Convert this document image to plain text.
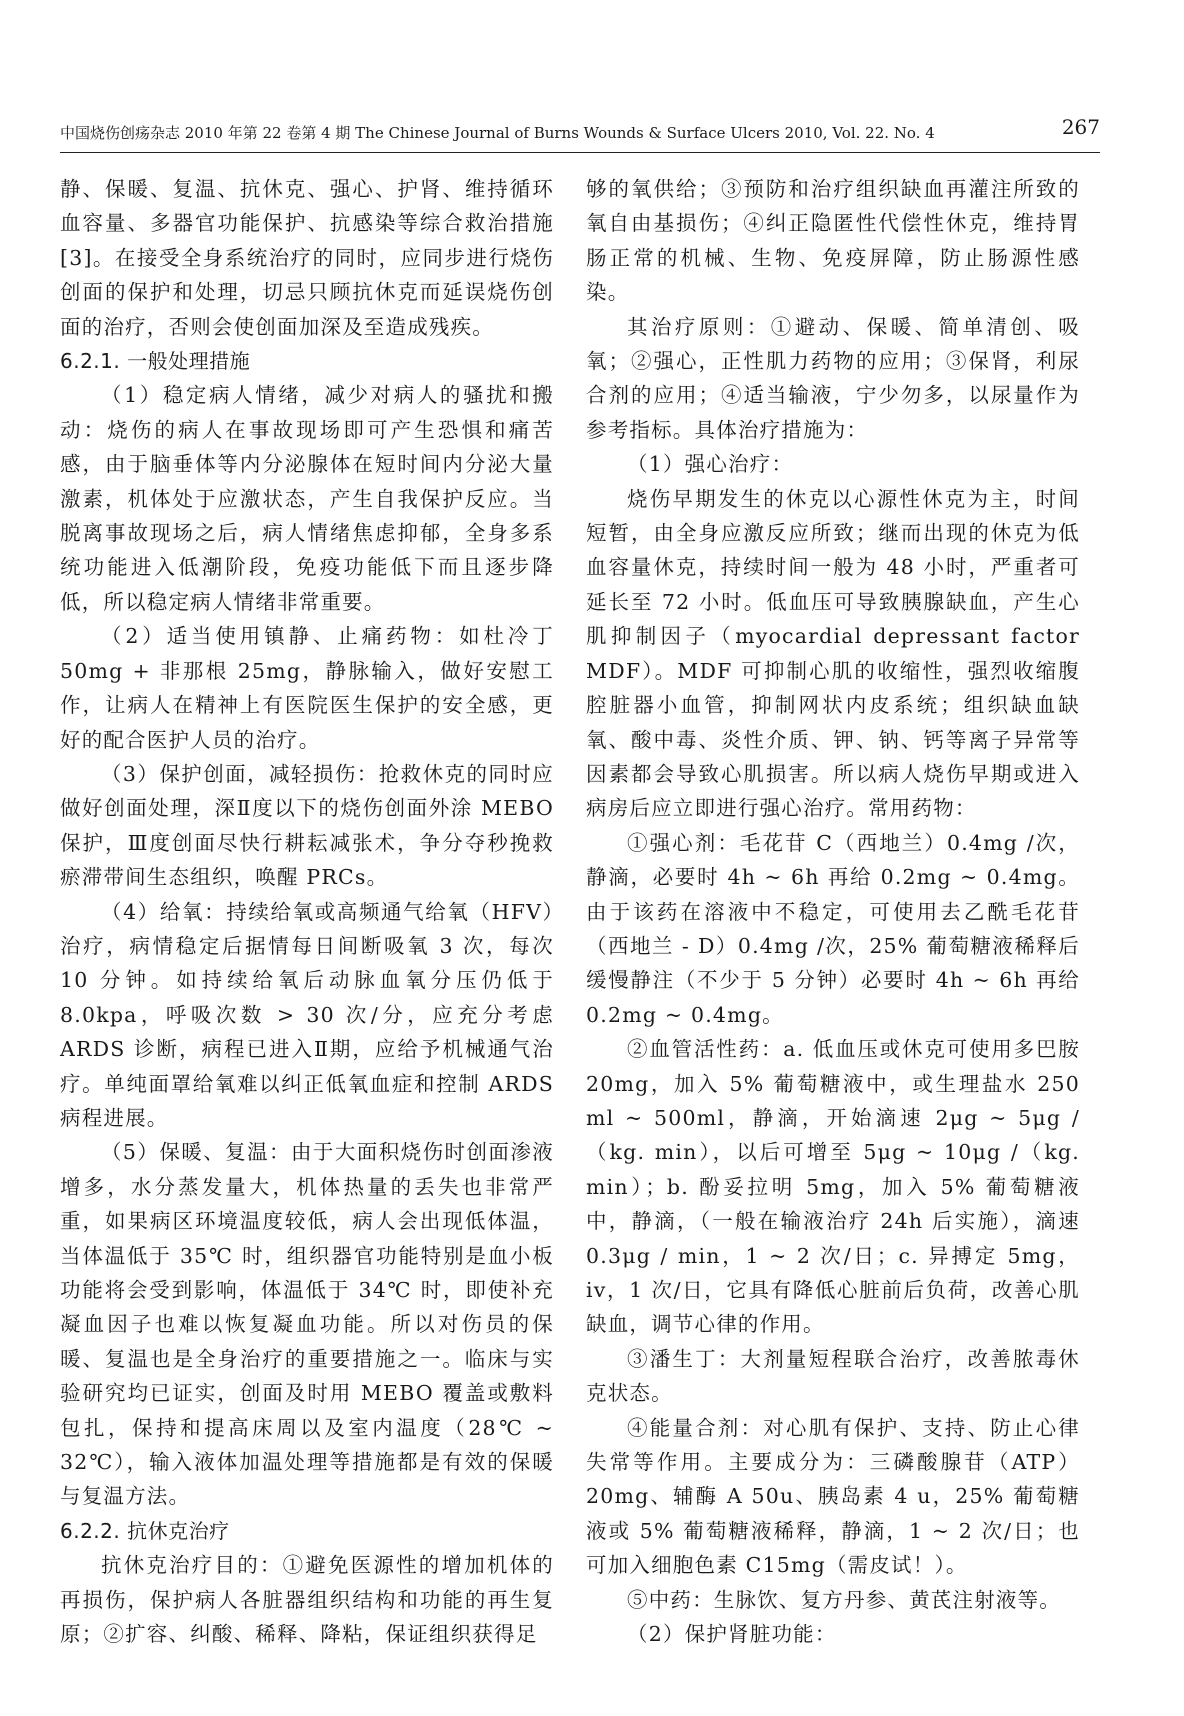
中国烧伤创疡杂志 2010 年第 22 卷第 4 期 The Chinese Journal of Burns Wounds & Surface Ulcers 2010, Vol. 22. No. 4	267

静、保暖、复温、抗休克、强心、护肾、维持循环血容量、多器官功能保护、抗感染等综合救治措施[3]。在接受全身系统治疗的同时，应同步进行烧伤创面的保护和处理，切忌只顾抗休克而延误烧伤创面的治疗，否则会使创面加深及至造成残疾。

6.2.1. 一般处理措施

（1）稳定病人情绪，减少对病人的骚扰和搬动：烧伤的病人在事故现场即可产生恐惧和痛苦感，由于脑垂体等内分泌腺体在短时间内分泌大量激素，机体处于应激状态，产生自我保护反应。当脱离事故现场之后，病人情绪焦虑抑郁，全身多系统功能进入低潮阶段，免疫功能低下而且逐步降低，所以稳定病人情绪非常重要。

（2）适当使用镇静、止痛药物：如杜冷丁 50mg + 非那根 25mg，静脉输入，做好安慰工作，让病人在精神上有医院医生保护的安全感，更好的配合医护人员的治疗。

（3）保护创面，减轻损伤：抢救休克的同时应做好创面处理，深Ⅱ度以下的烧伤创面外涂 MEBO 保护，Ⅲ度创面尽快行耕耘减张术，争分夺秒挽救瘀滞带间生态组织，唤醒 PRCs。

（4）给氧：持续给氧或高频通气给氧（HFV）治疗，病情稳定后据情每日间断吸氧 3 次，每次 10 分钟。如持续给氧后动脉血氧分压仍低于 8.0kpa，呼吸次数 > 30 次/分，应充分考虑 ARDS 诊断，病程已进入Ⅱ期，应给予机械通气治疗。单纯面罩给氧难以纠正低氧血症和控制 ARDS 病程进展。

（5）保暖、复温：由于大面积烧伤时创面渗液增多，水分蒸发量大，机体热量的丢失也非常严重，如果病区环境温度较低，病人会出现低体温，当体温低于 35℃ 时，组织器官功能特别是血小板功能将会受到影响，体温低于 34℃ 时，即使补充凝血因子也难以恢复凝血功能。所以对伤员的保暖、复温也是全身治疗的重要措施之一。临床与实验研究均已证实，创面及时用 MEBO 覆盖或敷料包扎，保持和提高床周以及室内温度（28℃ ~ 32℃），输入液体加温处理等措施都是有效的保暖与复温方法。

6.2.2. 抗休克治疗

抗休克治疗目的：①避免医源性的增加机体的再损伤，保护病人各脏器组织结构和功能的再生复原；②扩容、纠酸、稀释、降粘，保证组织获得足

够的氧供给；③预防和治疗组织缺血再灌注所致的氧自由基损伤；④纠正隐匿性代偿性休克，维持胃肠正常的机械、生物、免疫屏障，防止肠源性感染。

其治疗原则：①避动、保暖、简单清创、吸氧；②强心，正性肌力药物的应用；③保肾，利尿合剂的应用；④适当输液，宁少勿多，以尿量作为参考指标。具体治疗措施为：

（1）强心治疗：

烧伤早期发生的休克以心源性休克为主，时间短暂，由全身应激反应所致；继而出现的休克为低血容量休克，持续时间一般为 48 小时，严重者可延长至 72 小时。低血压可导致胰腺缺血，产生心肌抑制因子（myocardial depressant factor MDF）。MDF 可抑制心肌的收缩性，强烈收缩腹腔脏器小血管，抑制网状内皮系统；组织缺血缺氧、酸中毒、炎性介质、钾、钠、钙等离子异常等因素都会导致心肌损害。所以病人烧伤早期或进入病房后应立即进行强心治疗。常用药物：

①强心剂：毛花苷 C（西地兰）0.4mg /次，静滴，必要时 4h ~ 6h 再给 0.2mg ~ 0.4mg。由于该药在溶液中不稳定，可使用去乙酰毛花苷（西地兰 - D）0.4mg /次，25% 葡萄糖液稀释后缓慢静注（不少于 5 分钟）必要时 4h ~ 6h 再给 0.2mg ~ 0.4mg。

②血管活性药：a. 低血压或休克可使用多巴胺 20mg，加入 5% 葡萄糖液中，或生理盐水 250 ml ~ 500ml，静滴，开始滴速 2μg ~ 5μg /（kg. min），以后可增至 5μg ~ 10μg /（kg. min）；b. 酚妥拉明 5mg，加入 5% 葡萄糖液中，静滴，（一般在输液治疗 24h 后实施），滴速 0.3μg / min，1 ~ 2 次/日；c. 异搏定 5mg，iv，1 次/日，它具有降低心脏前后负荷，改善心肌缺血，调节心律的作用。

③潘生丁：大剂量短程联合治疗，改善脓毒休克状态。

④能量合剂：对心肌有保护、支持、防止心律失常等作用。主要成分为：三磷酸腺苷（ATP）20mg、辅酶 A 50u、胰岛素 4 u，25% 葡萄糖液或 5% 葡萄糖液稀释，静滴，1 ~ 2 次/日；也可加入细胞色素 C15mg（需皮试！）。

⑤中药：生脉饮、复方丹参、黄芪注射液等。

（2）保护肾脏功能：
